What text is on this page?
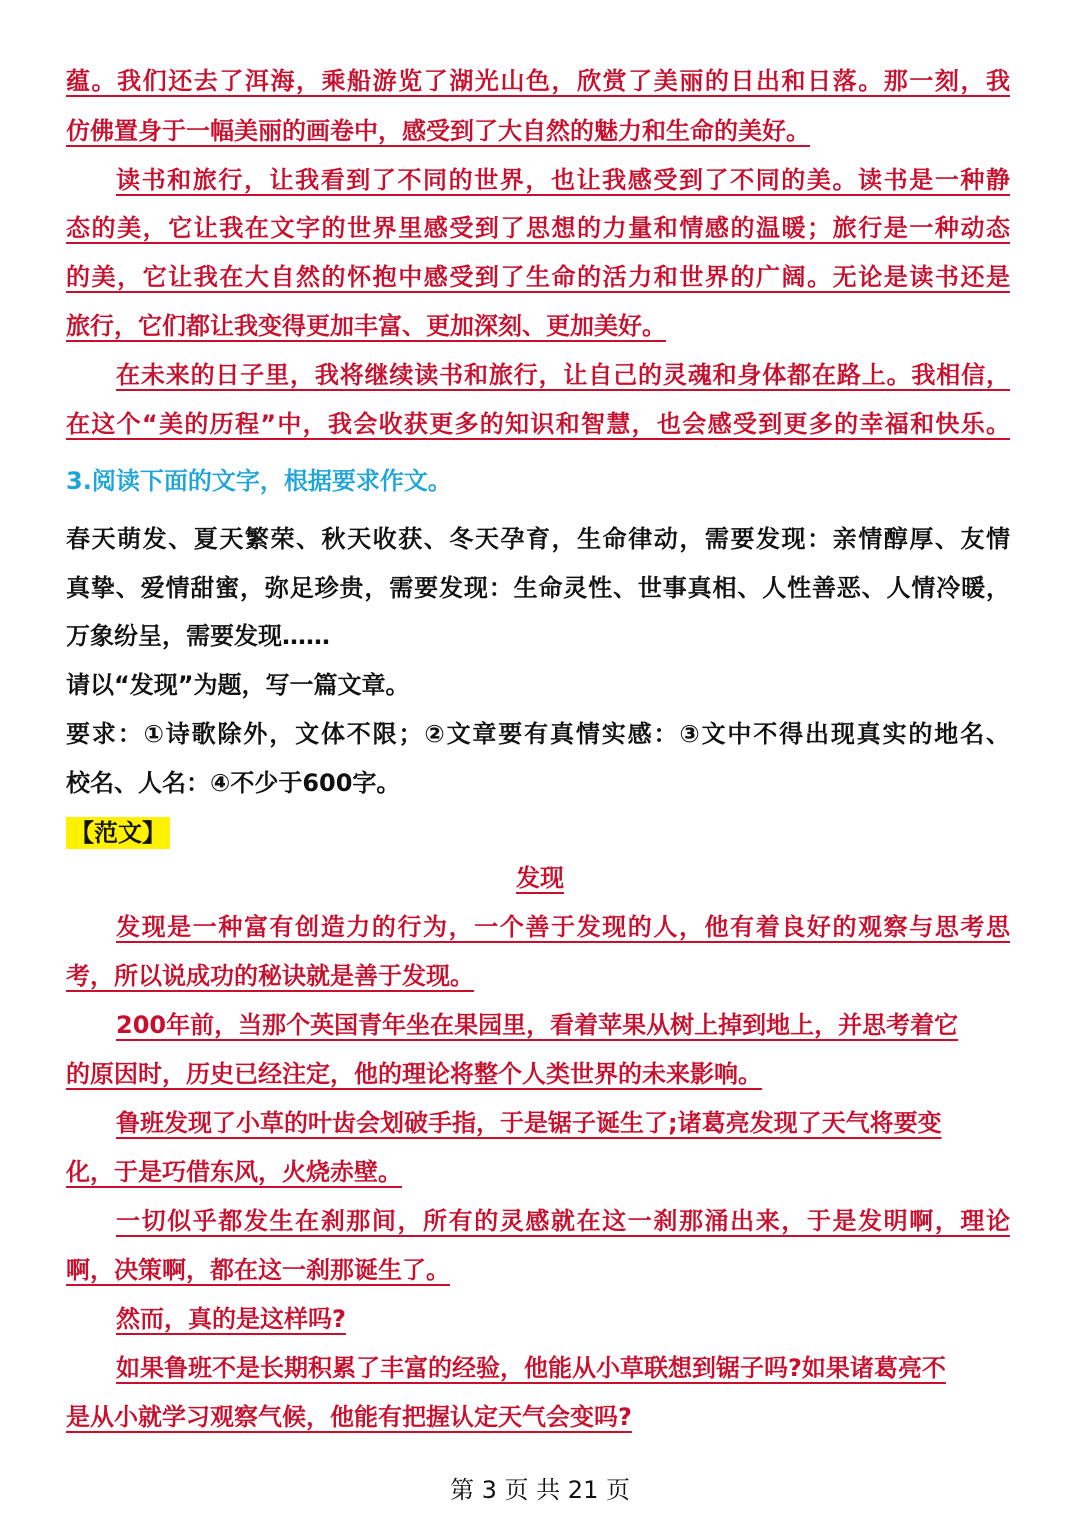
蕴。我们还去了洱海，乘船游览了湖光山色，欣赏了美丽的日出和日落。那一刻，我

仿佛置身于一幅美丽的画卷中，感受到了大自然的魅力和生命的美好。

读书和旅行，让我看到了不同的世界，也让我感受到了不同的美。读书是一种静

态的美，它让我在文字的世界里感受到了思想的力量和情感的温暖；旅行是一种动态

的美，它让我在大自然的怀抱中感受到了生命的活力和世界的广阔。无论是读书还是

旅行，它们都让我变得更加丰富、更加深刻、更加美好。

在未来的日子里，我将继续读书和旅行，让自己的灵魂和身体都在路上。我相信，

在这个“美的历程”中，我会收获更多的知识和智慧，也会感受到更多的幸福和快乐。

3.阅读下面的文字，根据要求作文。

春天萌发、夏天繁荣、秋天收获、冬天孕育，生命律动，需要发现：亲情醇厚、友情

真挚、爱情甜蜜，弥足珍贵，需要发现：生命灵性、世事真相、人性善恶、人情冷暖，

万象纷呈，需要发现……

请以“发现”为题，写一篇文章。

要求：①诗歌除外，文体不限；②文章要有真情实感：③文中不得出现真实的地名、

校名、人名：④不少于600字。

【范文】

发现

发现是一种富有创造力的行为，一个善于发现的人，他有着良好的观察与思考思

考，所以说成功的秘诀就是善于发现。

200年前，当那个英国青年坐在果园里，看着苹果从树上掉到地上，并思考着它

的原因时，历史已经注定，他的理论将整个人类世界的未来影响。

鲁班发现了小草的叶齿会划破手指，于是锯子诞生了;诸葛亮发现了天气将要变

化，于是巧借东风，火烧赤壁。

一切似乎都发生在刹那间，所有的灵感就在这一刹那涌出来，于是发明啊，理论

啊，决策啊，都在这一刹那诞生了。

然而，真的是这样吗?

如果鲁班不是长期积累了丰富的经验，他能从小草联想到锯子吗?如果诸葛亮不

是从小就学习观察气候，他能有把握认定天气会变吗?

第 3 页 共 21 页
